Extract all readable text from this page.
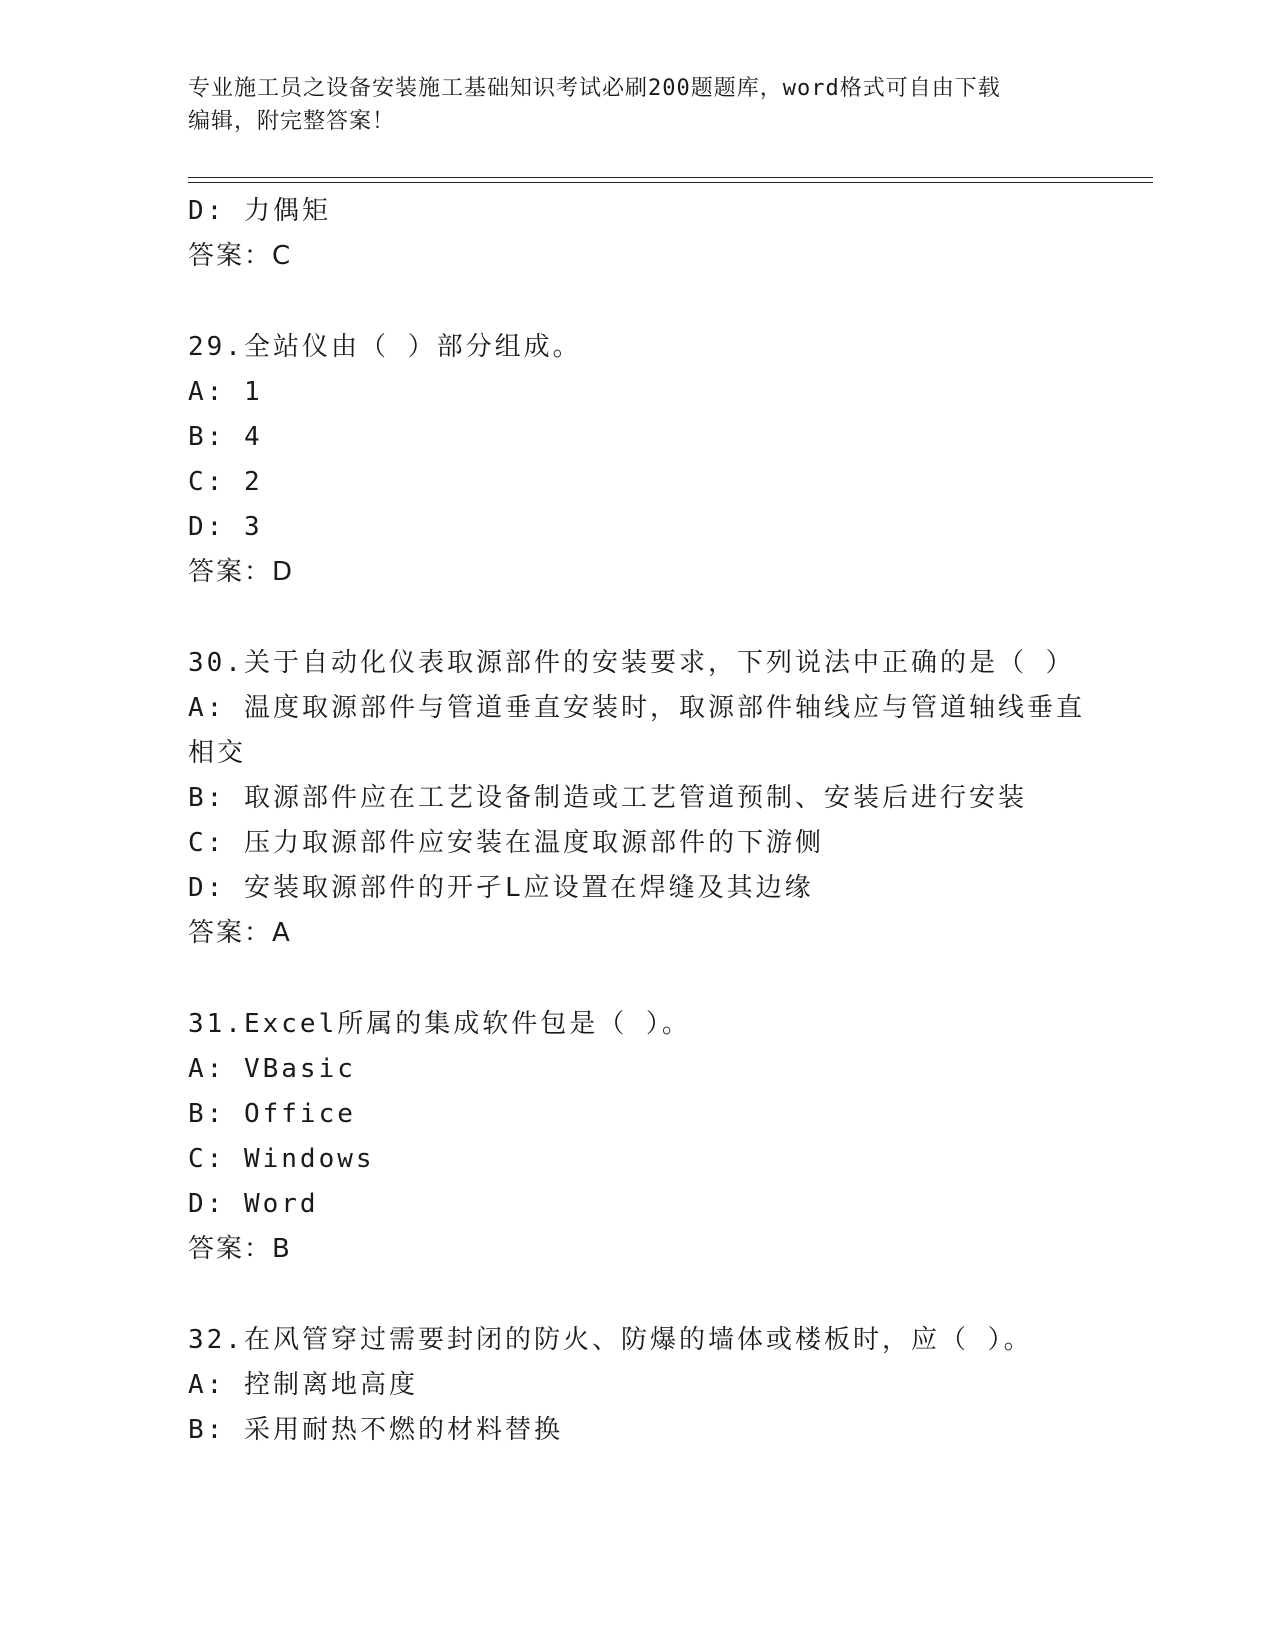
专业施工员之设备安装施工基础知识考试必刷200题题库，word格式可自由下载
编辑，附完整答案！
D: 力偶矩
答案：C
29.全站仪由（ ）部分组成。
A: 1
B: 4
C: 2
D: 3
答案：D
30.关于自动化仪表取源部件的安装要求，下列说法中正确的是（ ）
A: 温度取源部件与管道垂直安装时，取源部件轴线应与管道轴线垂直相交
B: 取源部件应在工艺设备制造或工艺管道预制、安装后进行安装
C: 压力取源部件应安装在温度取源部件的下游侧
D: 安装取源部件的开孑L应设置在焊缝及其边缘
答案：A
31.Excel所属的集成软件包是（ ）。
A: VBasic
B: Office
C: Windows
D: Word
答案：B
32.在风管穿过需要封闭的防火、防爆的墙体或楼板时，应（ ）。
A: 控制离地高度
B: 采用耐热不燃的材料替换
